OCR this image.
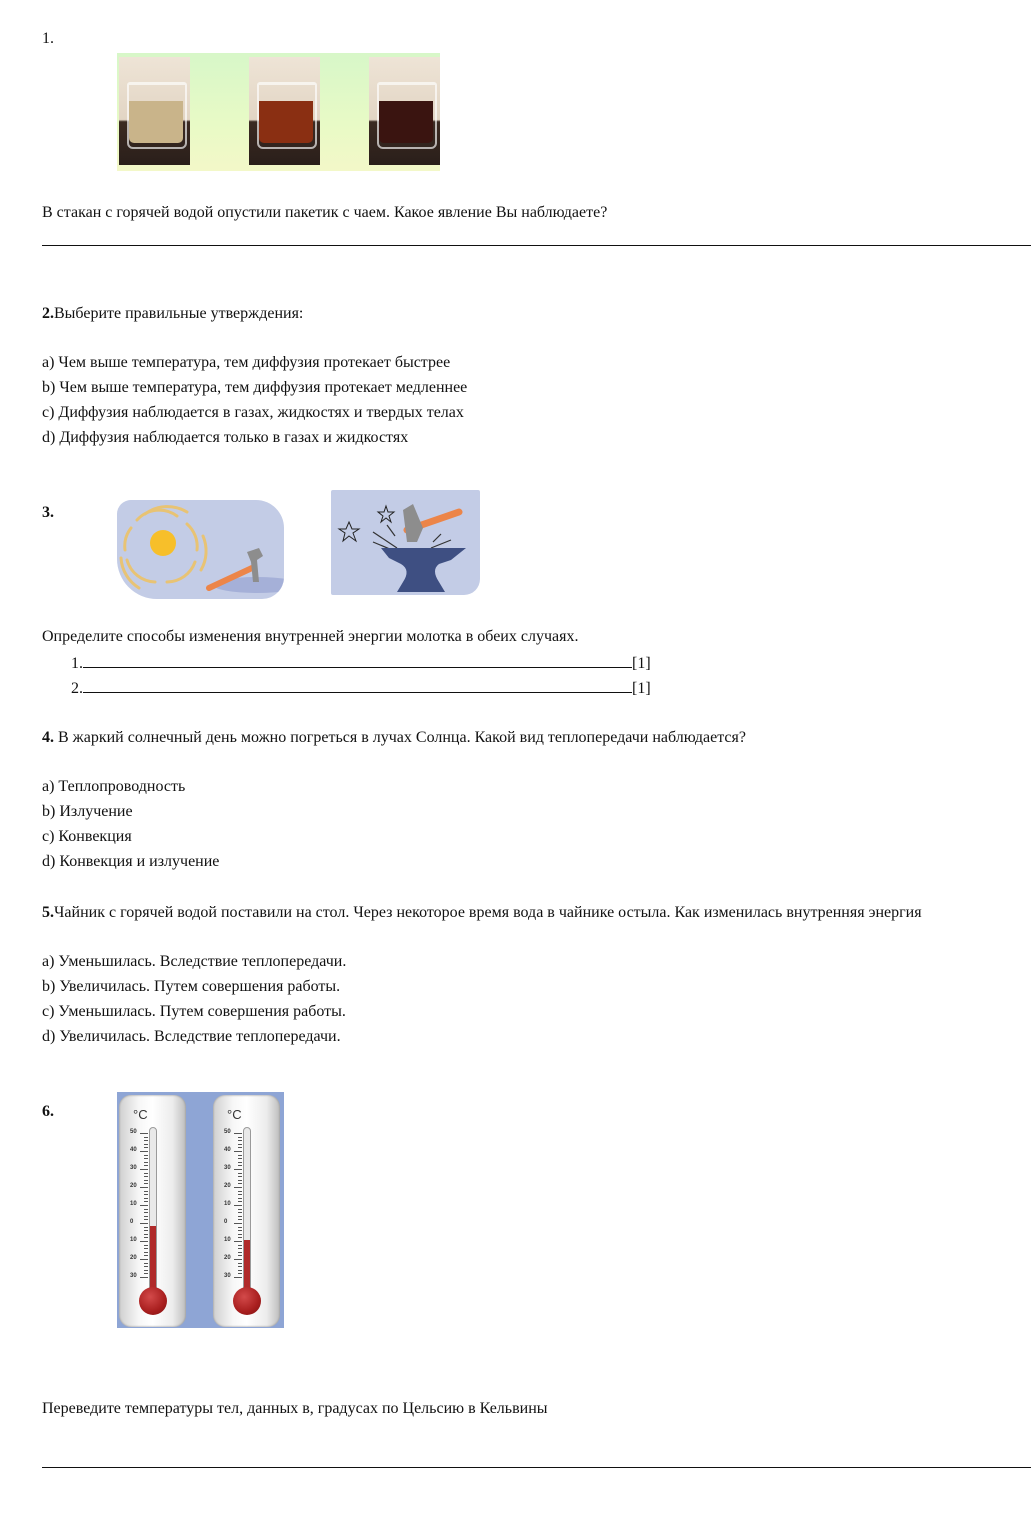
1.
В стакан с горячей водой опустили пакетик с чаем. Какое явление Вы наблюдаете?
2.Выберите правильные утверждения:
a) Чем выше температура, тем диффузия протекает быстрее
b) Чем выше температура, тем диффузия протекает медленнее
c) Диффузия наблюдается в газах, жидкостях и твердых телах
d) Диффузия наблюдается только в газах и жидкостях
3.
Определите способы изменения внутренней энергии молотка в обеих случаях.
1.	[1]
2.	[1]
4. В жаркий солнечный день можно погреться в лучах Солнца. Какой вид теплопередачи наблюдается?
a) Теплопроводность
b) Излучение
c) Конвекция
d) Конвекция и излучение
5.Чайник с горячей водой поставили на стол. Через некоторое время вода в чайнике остыла. Как изменилась внутренняя энергия
a) Уменьшилась. Вследствие теплопередачи.
b) Увеличилась. Путем совершения работы.
c) Уменьшилась. Путем совершения работы.
d) Увеличилась. Вследствие теплопередачи.
6.	°C
50
40
30
20
10
0
10
20
30
°C
50
40
30
20
10
0
10
20
30
Переведите температуры тел, данных в, градусах по Цельсию в Кельвины
